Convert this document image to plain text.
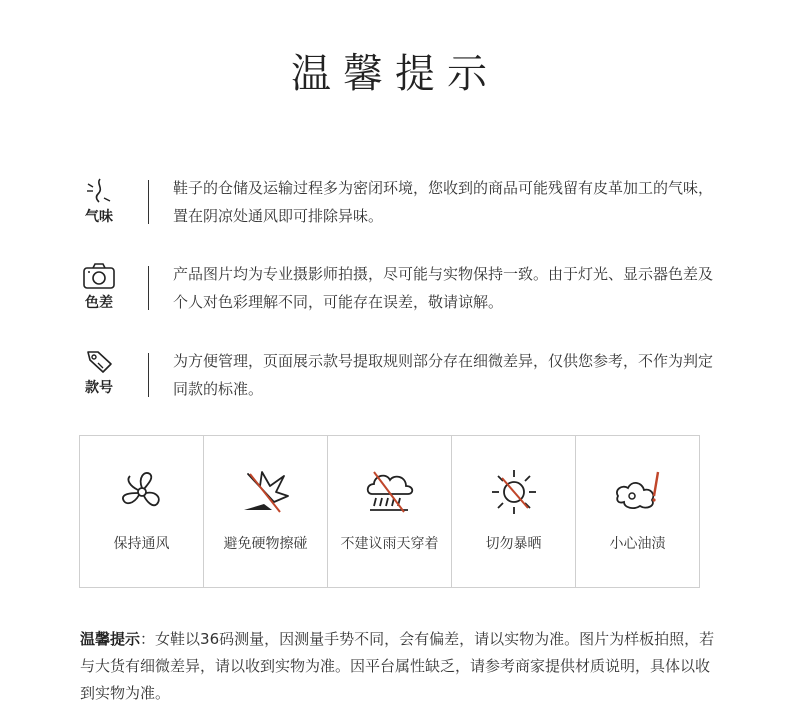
温馨提示
气味
鞋子的仓储及运输过程多为密闭环境，您收到的商品可能残留有皮革加工的气味，置在阴凉处通风即可排除异味。
色差
产品图片均为专业摄影师拍摄，尽可能与实物保持一致。由于灯光、显示器色差及个人对色彩理解不同，可能存在误差，敬请谅解。
款号
为方便管理，页面展示款号提取规则部分存在细微差异，仅供您参考，不作为判定同款的标准。
保持通风	避免硬物擦碰	不建议雨天穿着	切勿暴晒	小心油渍
温馨提示：女鞋以36码测量，因测量手势不同，会有偏差，请以实物为准。图片为样板拍照，若与大货有细微差异，请以收到实物为准。因平台属性缺乏，请参考商家提供材质说明，具体以收到实物为准。
